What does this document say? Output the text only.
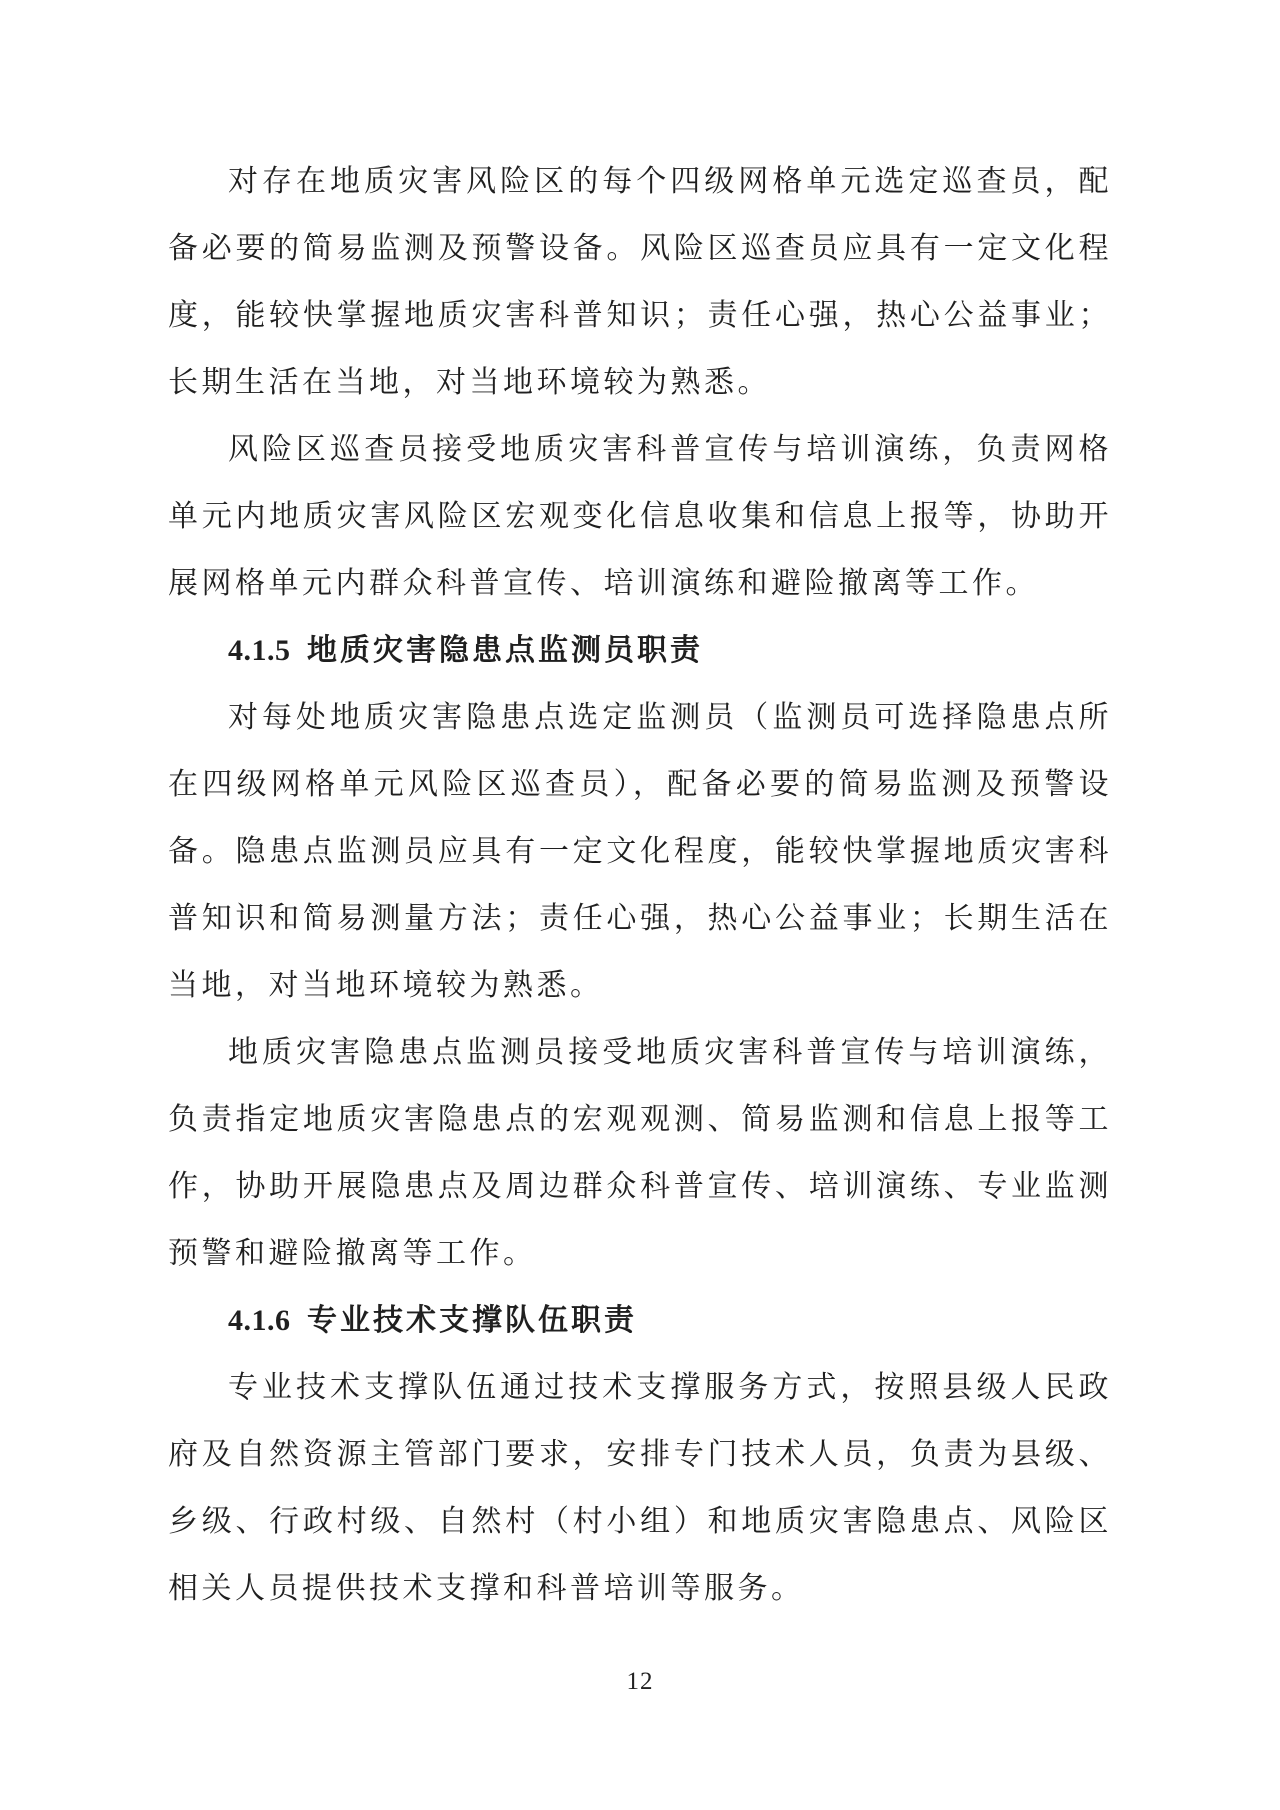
对存在地质灾害风险区的每个四级网格单元选定巡查员，配备必要的简易监测及预警设备。风险区巡查员应具有一定文化程度，能较快掌握地质灾害科普知识；责任心强，热心公益事业；长期生活在当地，对当地环境较为熟悉。

风险区巡查员接受地质灾害科普宣传与培训演练，负责网格单元内地质灾害风险区宏观变化信息收集和信息上报等，协助开展网格单元内群众科普宣传、培训演练和避险撤离等工作。

4.1.5 地质灾害隐患点监测员职责

对每处地质灾害隐患点选定监测员（监测员可选择隐患点所在四级网格单元风险区巡查员），配备必要的简易监测及预警设备。隐患点监测员应具有一定文化程度，能较快掌握地质灾害科普知识和简易测量方法；责任心强，热心公益事业；长期生活在当地，对当地环境较为熟悉。

地质灾害隐患点监测员接受地质灾害科普宣传与培训演练，负责指定地质灾害隐患点的宏观观测、简易监测和信息上报等工作，协助开展隐患点及周边群众科普宣传、培训演练、专业监测预警和避险撤离等工作。

4.1.6 专业技术支撑队伍职责

专业技术支撑队伍通过技术支撑服务方式，按照县级人民政府及自然资源主管部门要求，安排专门技术人员，负责为县级、乡级、行政村级、自然村（村小组）和地质灾害隐患点、风险区相关人员提供技术支撑和科普培训等服务。

12
